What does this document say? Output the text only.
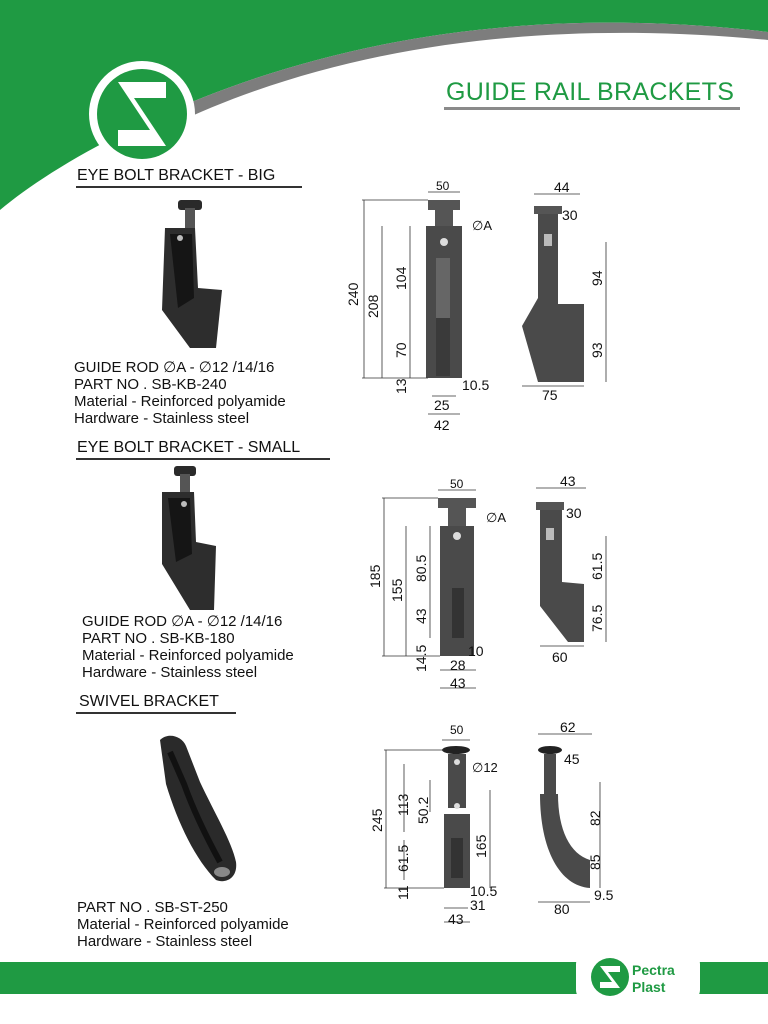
GUIDE RAIL BRACKETS
EYE BOLT BRACKET - BIG
GUIDE ROD ∅A - ∅12 /14/16
PART NO . SB-KB-240
Material - Reinforced polyamide
Hardware - Stainless steel
50
∅A
240
208
104
70
13	10.5
25
42
44
30
94
93
75
EYE BOLT BRACKET - SMALL
GUIDE ROD ∅A - ∅12 /14/16
PART NO . SB-KB-180
Material - Reinforced polyamide
Hardware - Stainless steel
50
∅A
185
155
80.5
43
14.5	10
28
43
43
30
61.5
76.5
60
SWIVEL BRACKET
PART NO . SB-ST-250
Material - Reinforced polyamide
Hardware - Stainless steel
50
∅12
245
113 50.2
165
61.5
11	10.5
31
43
62
45
82
85
9.5
80
Pectra
Plast
